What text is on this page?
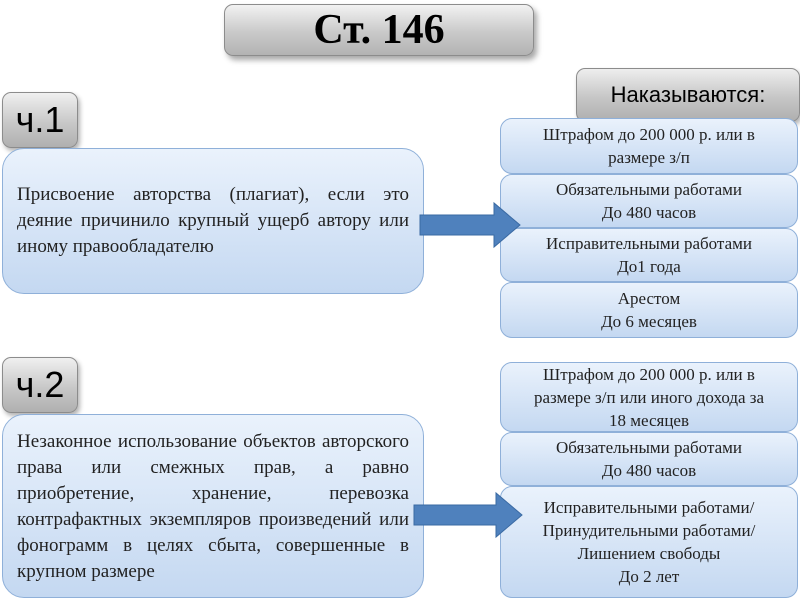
Ст. 146
ч.1
Наказываются:
Присвоение авторства (плагиат), если это деяние причинило крупный ущерб автору или иному правообладателю
Штрафом до 200 000 р. или в
размере з/п
Обязательными работами
До 480 часов
Исправительными работами
До1 года
Арестом
До 6 месяцев
ч.2
Незаконное использование объектов авторского права или смежных прав, а равно приобретение, хранение, перевозка контрафактных экземпляров произведений или фонограмм в целях сбыта, совершенные в крупном размере
Штрафом до 200 000 р. или в
размере з/п или иного дохода за
18 месяцев
Обязательными работами
До 480 часов
Исправительными работами/
Принудительными работами/
Лишением свободы
До 2 лет
